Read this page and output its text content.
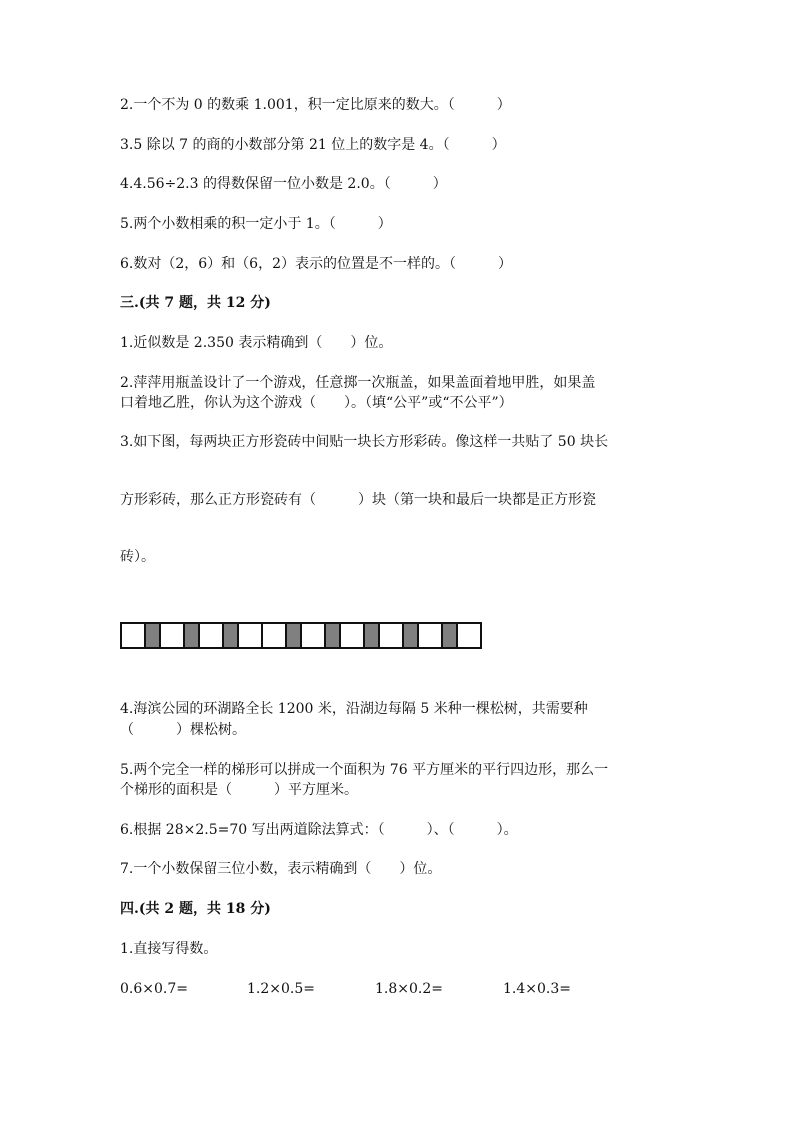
2.一个不为 0 的数乘 1.001，积一定比原来的数大。（　　　）
3.5 除以 7 的商的小数部分第 21 位上的数字是 4。（　　　）
4.4.56÷2.3 的得数保留一位小数是 2.0。（　　　）
5.两个小数相乘的积一定小于 1。（　　　）
6.数对（2，6）和（6，2）表示的位置是不一样的。（　　　）
三.(共 7 题，共 12 分)
1.近似数是 2.350 表示精确到（　　）位。
2.萍萍用瓶盖设计了一个游戏，任意掷一次瓶盖，如果盖面着地甲胜，如果盖
口着地乙胜，你认为这个游戏（　　）。（填“公平”或“不公平”）
3.如下图，每两块正方形瓷砖中间贴一块长方形彩砖。像这样一共贴了 50 块长
方形彩砖，那么正方形瓷砖有（　　　）块（第一块和最后一块都是正方形瓷
砖）。
4.海滨公园的环湖路全长 1200 米，沿湖边每隔 5 米种一棵松树，共需要种
（　　　）棵松树。
5.两个完全一样的梯形可以拼成一个面积为 76 平方厘米的平行四边形，那么一
个梯形的面积是（　　　）平方厘米。
6.根据 28×2.5=70 写出两道除法算式：（　　　）、（　　　）。
7.一个小数保留三位小数，表示精确到（　　）位。
四.(共 2 题，共 18 分)
1.直接写得数。
0.6×0.7=	1.2×0.5=	1.8×0.2=	1.4×0.3=
